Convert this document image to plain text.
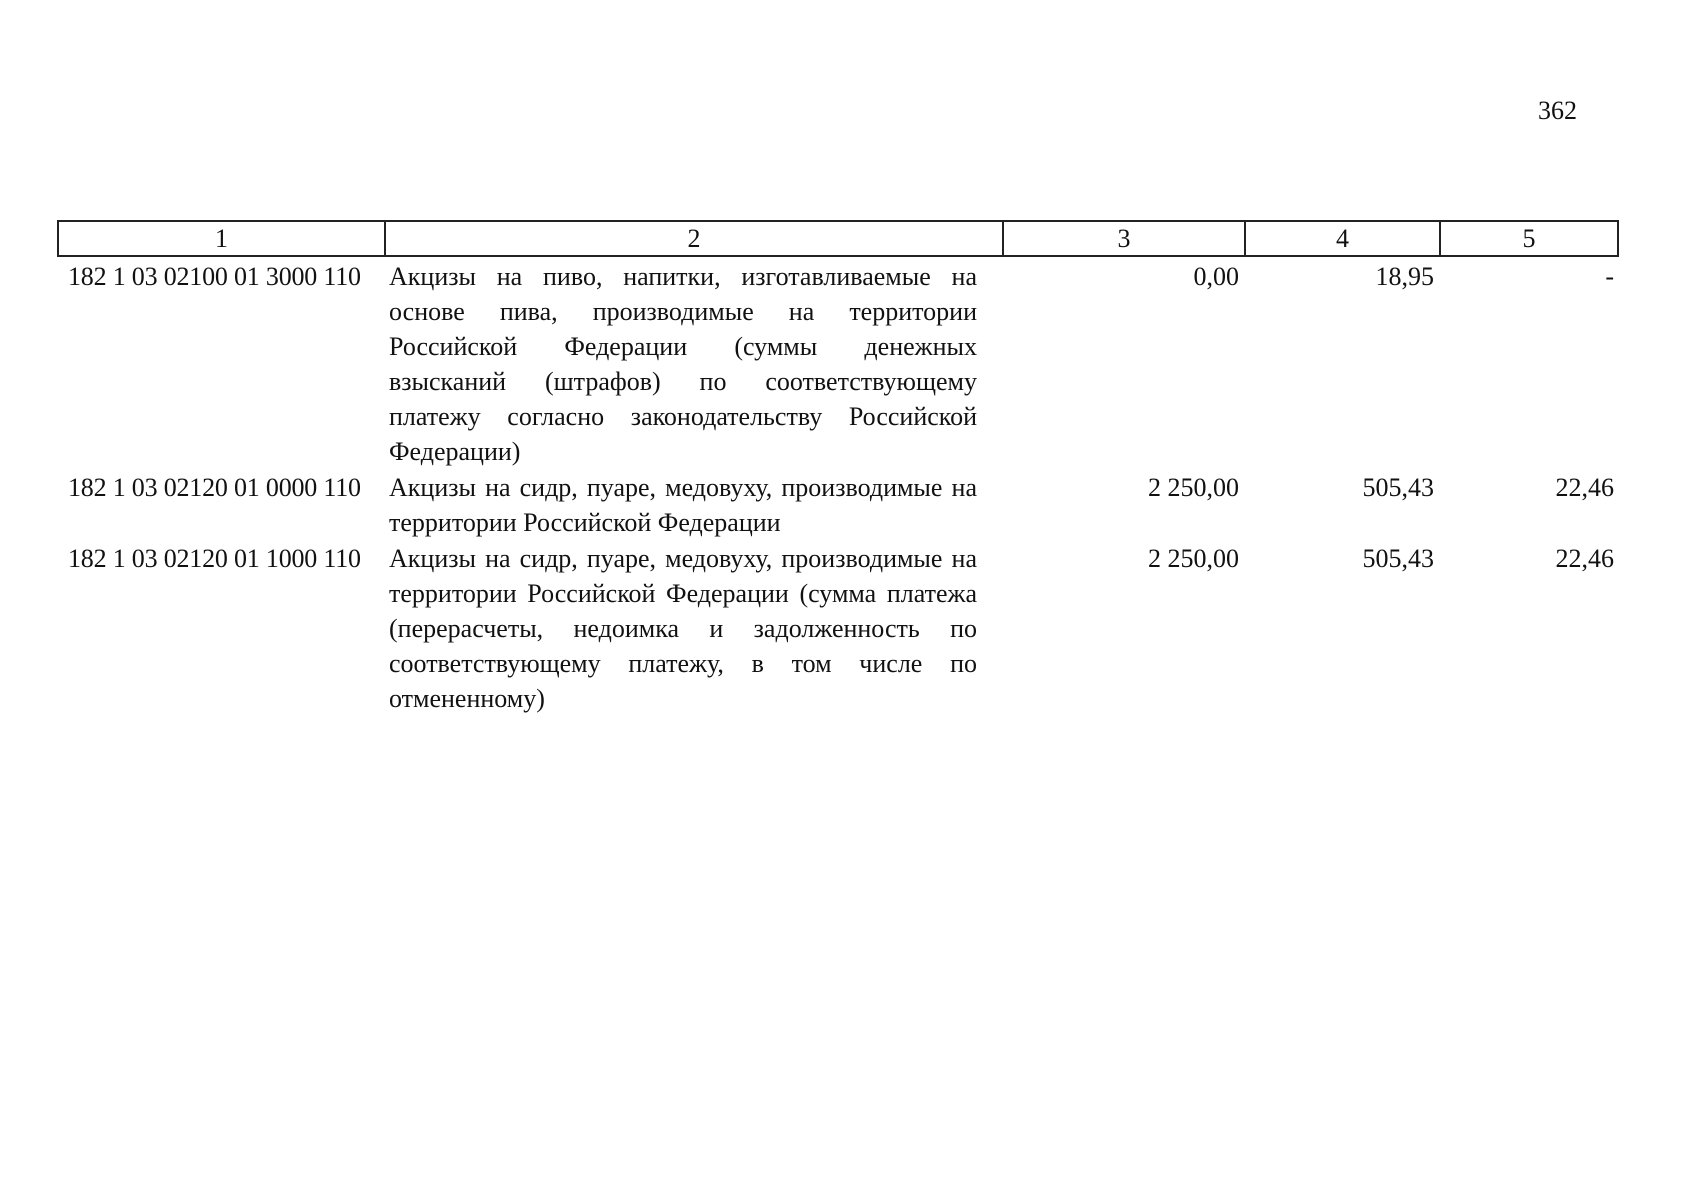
362
1	2	3	4	5
182 1 03 02100 01 3000 110	Акцизы на пиво, напитки, изготавливаемые на основе пива, производимые на территории Российской Федерации (суммы денежных взысканий (штрафов) по соответствующему платежу согласно законодательству Российской Федерации)	0,00	18,95	-
182 1 03 02120 01 0000 110	Акцизы на сидр, пуаре, медовуху, производимые на территории Российской Федерации	2 250,00	505,43	22,46
182 1 03 02120 01 1000 110	Акцизы на сидр, пуаре, медовуху, производимые на территории Российской Федерации (сумма платежа (перерасчеты, недоимка и задолженность по соответствующему платежу, в том числе по отмененному)	2 250,00	505,43	22,46
